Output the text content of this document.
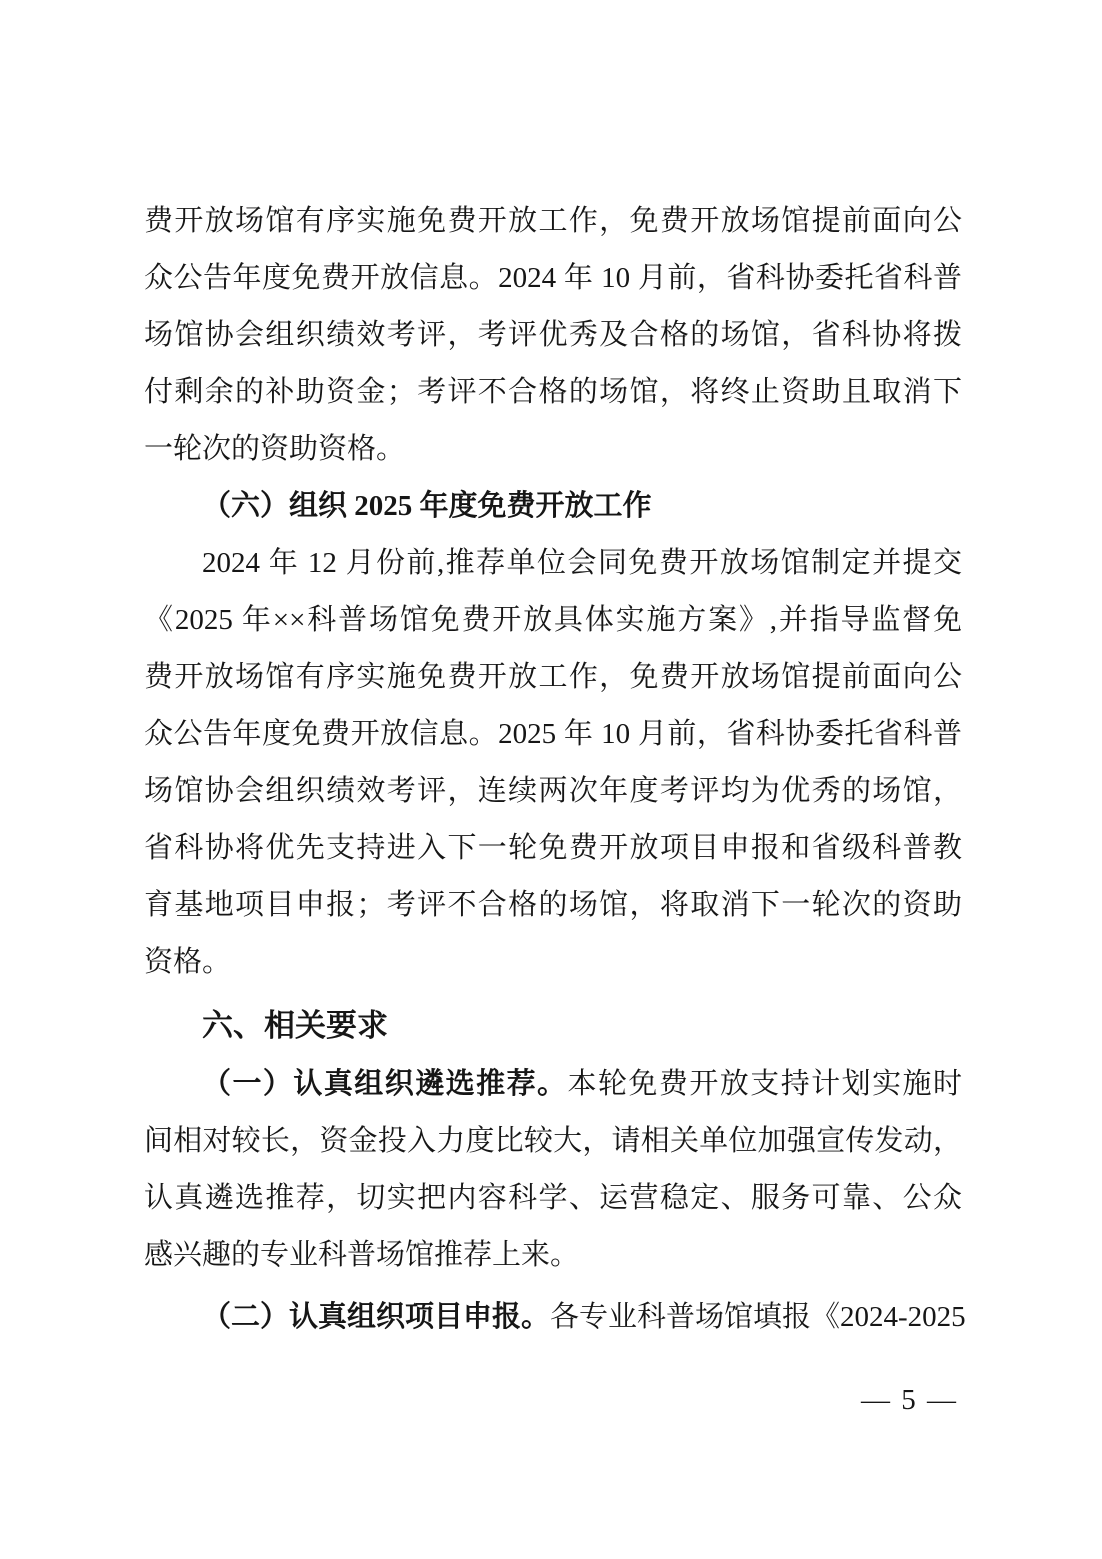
费开放场馆有序实施免费开放工作，免费开放场馆提前面向公
众公告年度免费开放信息。2024 年 10 月前，省科协委托省科普
场馆协会组织绩效考评，考评优秀及合格的场馆，省科协将拨
付剩余的补助资金；考评不合格的场馆，将终止资助且取消下
一轮次的资助资格。
（六）组织 2025 年度免费开放工作
2024 年 12 月份前,推荐单位会同免费开放场馆制定并提交
《2025 年××科普场馆免费开放具体实施方案》,并指导监督免
费开放场馆有序实施免费开放工作，免费开放场馆提前面向公
众公告年度免费开放信息。2025 年 10 月前，省科协委托省科普
场馆协会组织绩效考评，连续两次年度考评均为优秀的场馆，
省科协将优先支持进入下一轮免费开放项目申报和省级科普教
育基地项目申报；考评不合格的场馆，将取消下一轮次的资助
资格。
六、相关要求
（一）认真组织遴选推荐。本轮免费开放支持计划实施时
间相对较长，资金投入力度比较大，请相关单位加强宣传发动，
认真遴选推荐，切实把内容科学、运营稳定、服务可靠、公众
感兴趣的专业科普场馆推荐上来。
（二）认真组织项目申报。各专业科普场馆填报《2024-2025
— 5 —
